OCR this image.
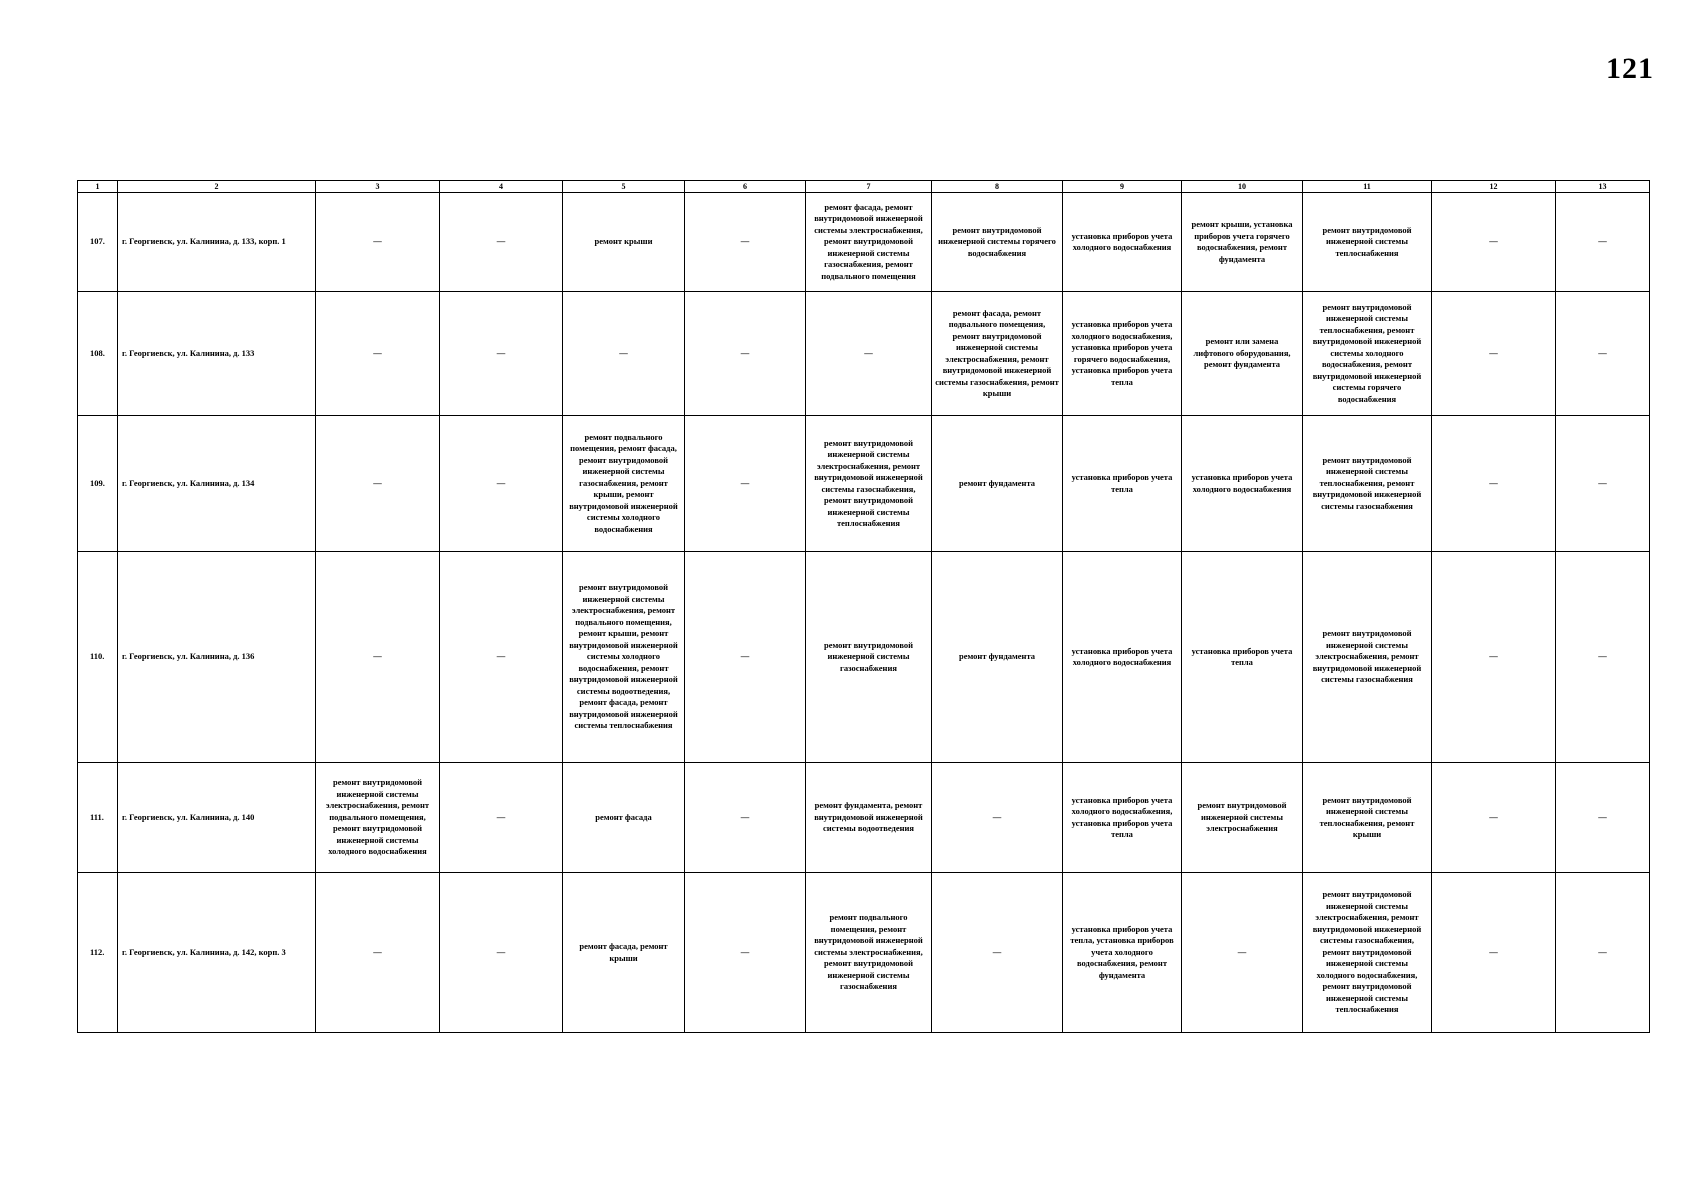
121
1	2	3	4	5	6	7	8	9	10	11	12	13
107.	г. Георгиевск, ул. Калинина, д. 133, корп. 1	—	—	ремонт крыши	—	ремонт фасада, ремонт внутридомовой инженерной системы электроснабжения, ремонт внутридомовой инженерной системы газоснабжения, ремонт подвального помещения	ремонт внутридомовой инженерной системы горячего водоснабжения	установка приборов учета холодного водоснабжения	ремонт крыши, установка приборов учета горячего водоснабжения, ремонт фундамента	ремонт внутридомовой инженерной системы теплоснабжения	—	—
108.	г. Георгиевск, ул. Калинина, д. 133	—	—	—	—	—	ремонт фасада, ремонт подвального помещения, ремонт внутридомовой инженерной системы электроснабжения, ремонт внутридомовой инженерной системы газоснабжения, ремонт крыши	установка приборов учета холодного водоснабжения, установка приборов учета горячего водоснабжения, установка приборов учета тепла	ремонт или замена лифтового оборудования, ремонт фундамента	ремонт внутридомовой инженерной системы теплоснабжения, ремонт внутридомовой инженерной системы холодного водоснабжения, ремонт внутридомовой инженерной системы горячего водоснабжения	—	—
109.	г. Георгиевск, ул. Калинина, д. 134	—	—	ремонт подвального помещения, ремонт фасада, ремонт внутридомовой инженерной системы газоснабжения, ремонт крыши, ремонт внутридомовой инженерной системы холодного водоснабжения	—	ремонт внутридомовой инженерной системы электроснабжения, ремонт внутридомовой инженерной системы газоснабжения, ремонт внутридомовой инженерной системы теплоснабжения	ремонт фундамента	установка приборов учета тепла	установка приборов учета холодного водоснабжения	ремонт внутридомовой инженерной системы теплоснабжения, ремонт внутридомовой инженерной системы газоснабжения	—	—
110.	г. Георгиевск, ул. Калинина, д. 136	—	—	ремонт внутридомовой инженерной системы электроснабжения, ремонт подвального помещения, ремонт крыши, ремонт внутридомовой инженерной системы холодного водоснабжения, ремонт внутридомовой инженерной системы водоотведения, ремонт фасада, ремонт внутридомовой инженерной системы теплоснабжения	—	ремонт внутридомовой инженерной системы газоснабжения	ремонт фундамента	установка приборов учета холодного водоснабжения	установка приборов учета тепла	ремонт внутридомовой инженерной системы электроснабжения, ремонт внутридомовой инженерной системы газоснабжения	—	—
111.	г. Георгиевск, ул. Калинина, д. 140	ремонт внутридомовой инженерной системы электроснабжения, ремонт подвального помещения, ремонт внутридомовой инженерной системы холодного водоснабжения	—	ремонт фасада	—	ремонт фундамента, ремонт внутридомовой инженерной системы водоотведения	—	установка приборов учета холодного водоснабжения, установка приборов учета тепла	ремонт внутридомовой инженерной системы электроснабжения	ремонт внутридомовой инженерной системы теплоснабжения, ремонт крыши	—	—
112.	г. Георгиевск, ул. Калинина, д. 142, корп. 3	—	—	ремонт фасада, ремонт крыши	—	ремонт подвального помещения, ремонт внутридомовой инженерной системы электроснабжения, ремонт внутридомовой инженерной системы газоснабжения	—	установка приборов учета тепла, установка приборов учета холодного водоснабжения, ремонт фундамента	—	ремонт внутридомовой инженерной системы электроснабжения, ремонт внутридомовой инженерной системы газоснабжения, ремонт внутридомовой инженерной системы холодного водоснабжения, ремонт внутридомовой инженерной системы теплоснабжения	—	—
